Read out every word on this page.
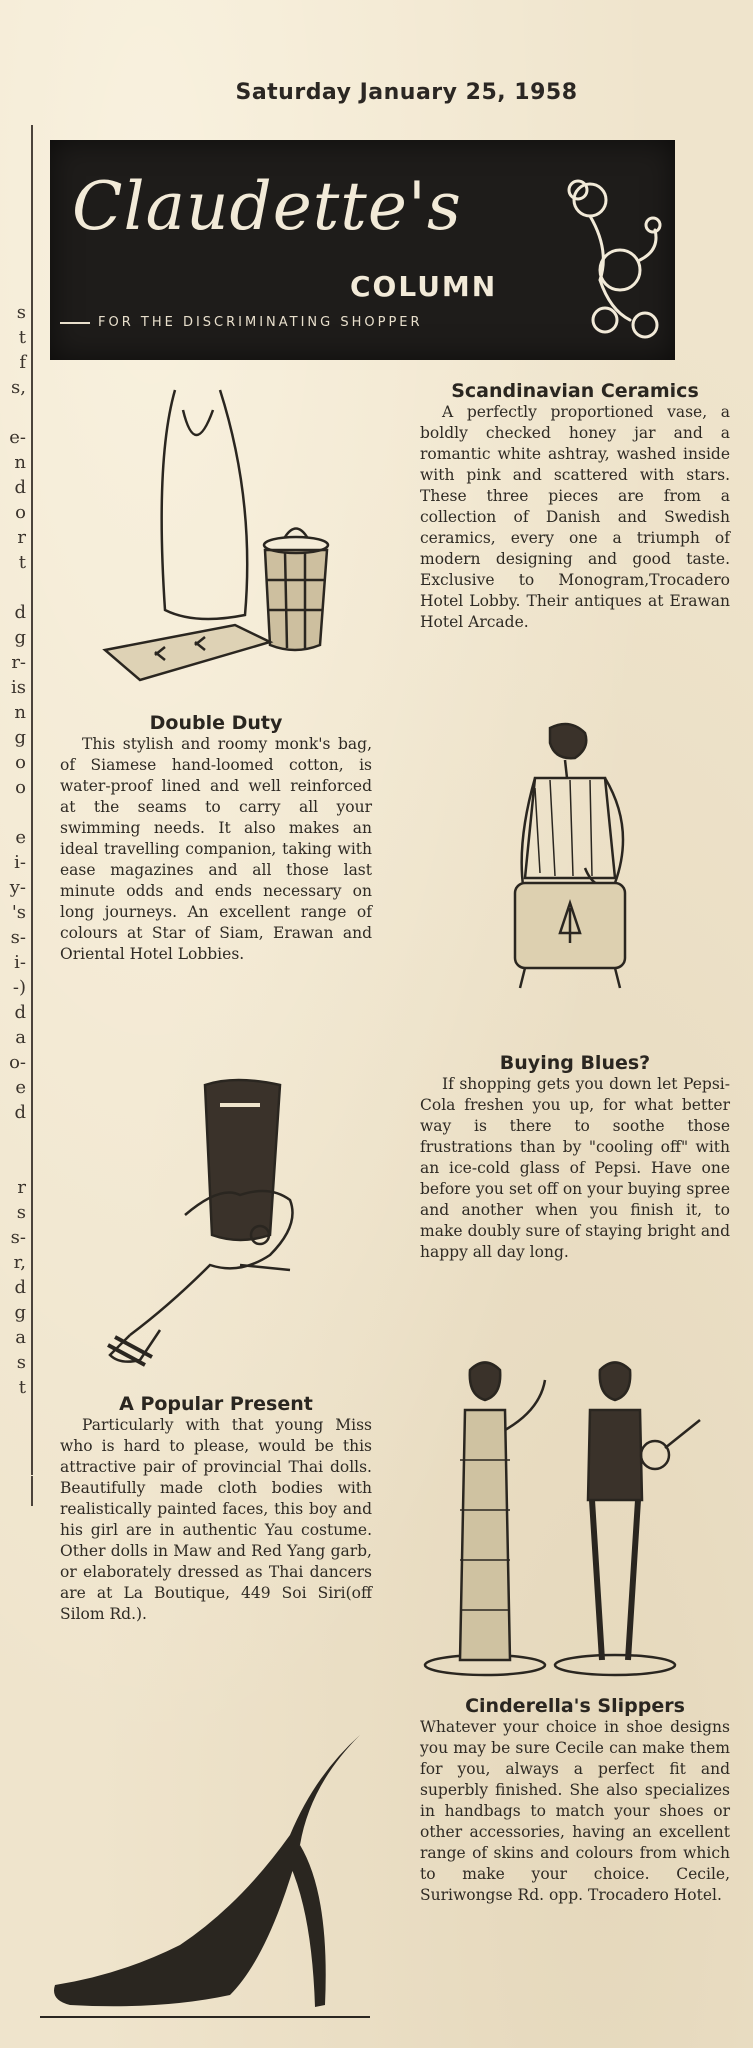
Saturday January 25, 1958
s
t
f
s,

e-
n
d
o
r
t

d
g
r-
is
n
g
o
o

e
i-
y-
's
s-
i-
-)
d
a
o-
e
d

r
s
s-
r,
d
g
a
s
t
Claudette's
COLUMN
FOR THE DISCRIMINATING SHOPPER
Double Duty

This stylish and roomy monk's bag, of Siamese hand-loomed cotton, is water-proof lined and well reinforced at the seams to carry all your swimming needs. It also makes an ideal travelling companion, taking with ease magazines and all those last minute odds and ends necessary on long journeys. An excellent range of colours at Star of Siam, Erawan and Oriental Hotel Lobbies.

A Popular Present

Particularly with that young Miss who is hard to please, would be this attractive pair of provincial Thai dolls. Beautifully made cloth bodies with realistically painted faces, this boy and his girl are in authentic Yau costume. Other dolls in Maw and Red Yang garb, or elaborately dressed as Thai dancers are at La Boutique, 449 Soi Siri(off Silom Rd.).

Scandinavian Ceramics

A perfectly proportioned vase, a boldly checked honey jar and a romantic white ashtray, washed inside with pink and scattered with stars. These three pieces are from a collection of Danish and Swedish ceramics, every one a triumph of modern designing and good taste. Exclusive to Monogram,Trocadero Hotel Lobby. Their antiques at Erawan Hotel Arcade.

Buying Blues?

If shopping gets you down let Pepsi-Cola freshen you up, for what better way is there to soothe those frustrations than by "cooling off" with an ice-cold glass of Pepsi. Have one before you set off on your buying spree and another when you finish it, to make doubly sure of staying bright and happy all day long.

Cinderella's Slippers

Whatever your choice in shoe designs you may be sure Cecile can make them for you, always a perfect fit and superbly finished. She also specializes in handbags to match your shoes or other accessories, having an excellent range of skins and colours from which to make your choice. Cecile, Suriwongse Rd. opp. Trocadero Hotel.
